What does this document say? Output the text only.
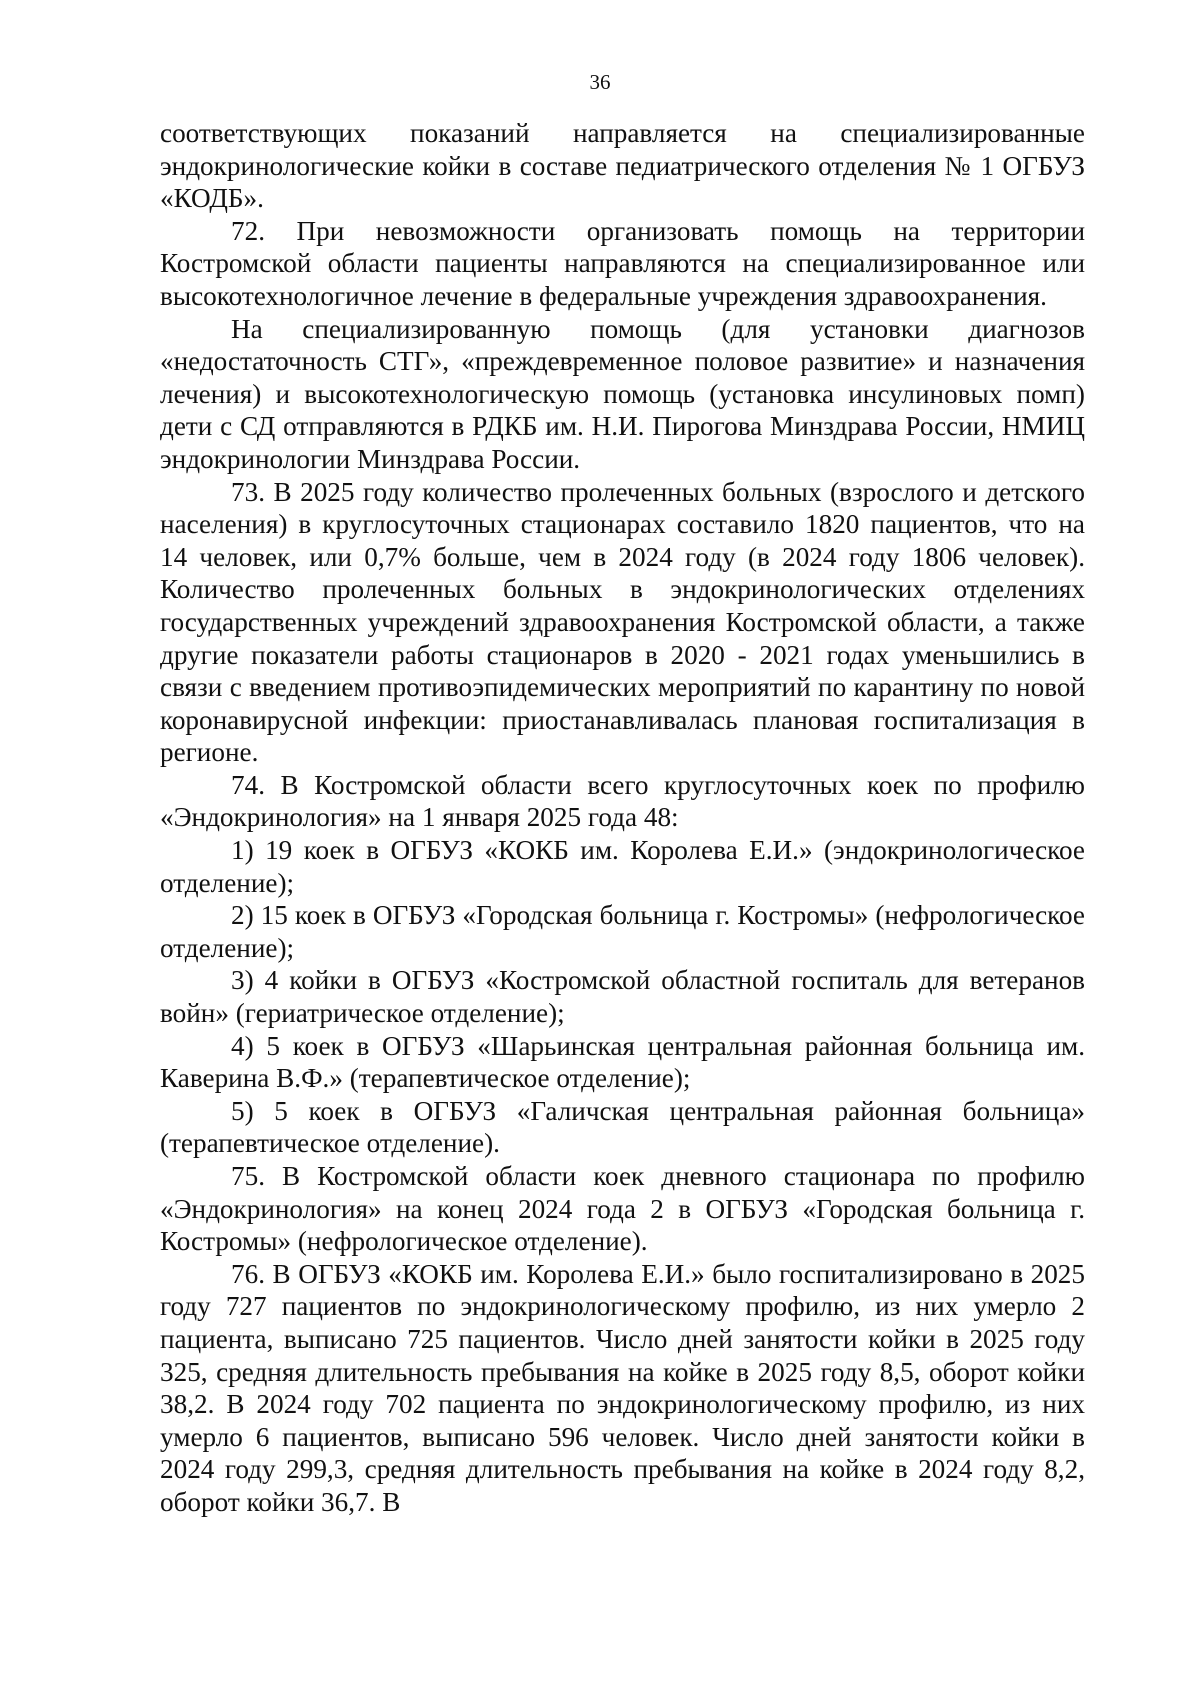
36

соответствующих показаний направляется на специализированные эндокринологические койки в составе педиатрического отделения № 1 ОГБУЗ «КОДБ».

72. При невозможности организовать помощь на территории Костромской области пациенты направляются на специализированное или высокотехнологичное лечение в федеральные учреждения здравоохранения.

На специализированную помощь (для установки диагнозов «недостаточность СТГ», «преждевременное половое развитие» и назначения лечения) и высокотехнологическую помощь (установка инсулиновых помп) дети с СД отправляются в РДКБ им. Н.И. Пирогова Минздрава России, НМИЦ эндокринологии Минздрава России.

73. В 2025 году количество пролеченных больных (взрослого и детского населения) в круглосуточных стационарах составило 1820 пациентов, что на 14 человек, или 0,7% больше, чем в 2024 году (в 2024 году 1806 человек). Количество пролеченных больных в эндокринологических отделениях государственных учреждений здравоохранения Костромской области, а также другие показатели работы стационаров в 2020 - 2021 годах уменьшились в связи с введением противоэпидемических мероприятий по карантину по новой коронавирусной инфекции: приостанавливалась плановая госпитализация в регионе.

74. В Костромской области всего круглосуточных коек по профилю «Эндокринология» на 1 января 2025 года 48:

1) 19 коек в ОГБУЗ «КОКБ им. Королева Е.И.» (эндокринологическое отделение);

2) 15 коек в ОГБУЗ «Городская больница г. Костромы» (нефрологическое отделение);

3) 4 койки в ОГБУЗ «Костромской областной госпиталь для ветеранов войн» (гериатрическое отделение);

4) 5 коек в ОГБУЗ «Шарьинская центральная районная больница им. Каверина В.Ф.» (терапевтическое отделение);

5) 5 коек в ОГБУЗ «Галичская центральная районная больница» (терапевтическое отделение).

75. В Костромской области коек дневного стационара по профилю «Эндокринология» на конец 2024 года 2 в ОГБУЗ «Городская больница г. Костромы» (нефрологическое отделение).

76. В ОГБУЗ «КОКБ им. Королева Е.И.» было госпитализировано в 2025 году 727 пациентов по эндокринологическому профилю, из них умерло 2 пациента, выписано 725 пациентов. Число дней занятости койки в 2025 году 325, средняя длительность пребывания на койке в 2025 году 8,5, оборот койки 38,2. В 2024 году 702 пациента по эндокринологическому профилю, из них умерло 6 пациентов, выписано 596 человек. Число дней занятости койки в 2024 году 299,3, средняя длительность пребывания на койке в 2024 году 8,2, оборот койки 36,7. В
